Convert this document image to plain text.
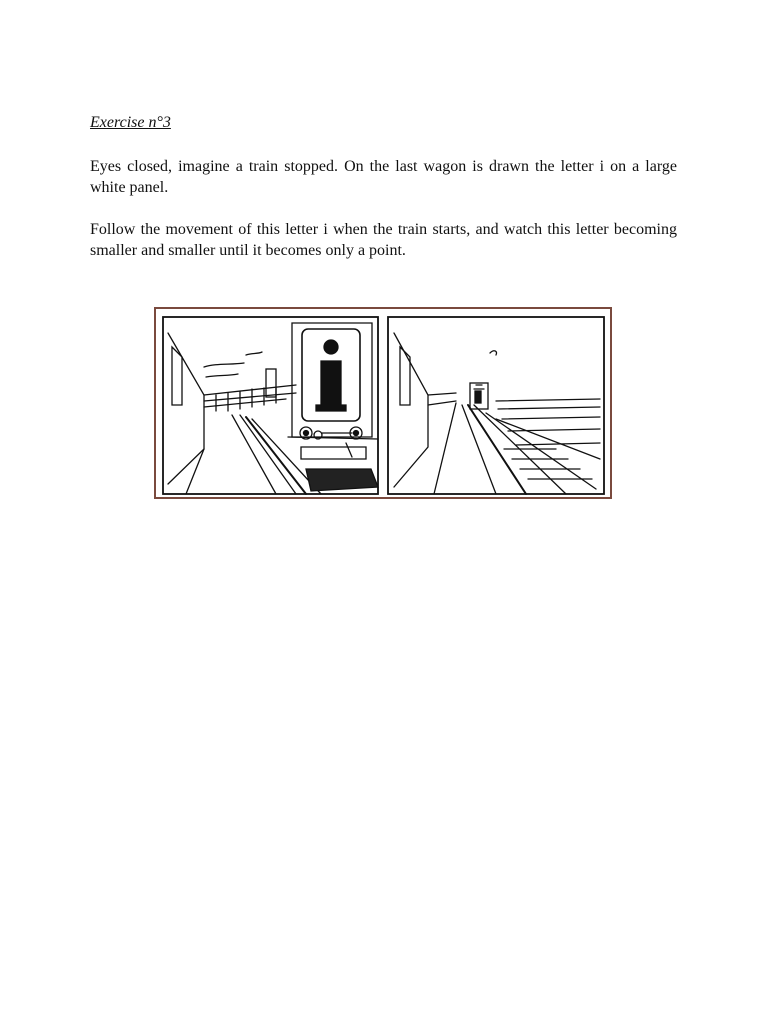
Exercise n°3

Eyes closed, imagine a train stopped. On the last wagon is drawn the letter i on a large white panel.

Follow the movement of this letter i when the train starts, and watch this letter becoming smaller and smaller until it becomes only a point.
